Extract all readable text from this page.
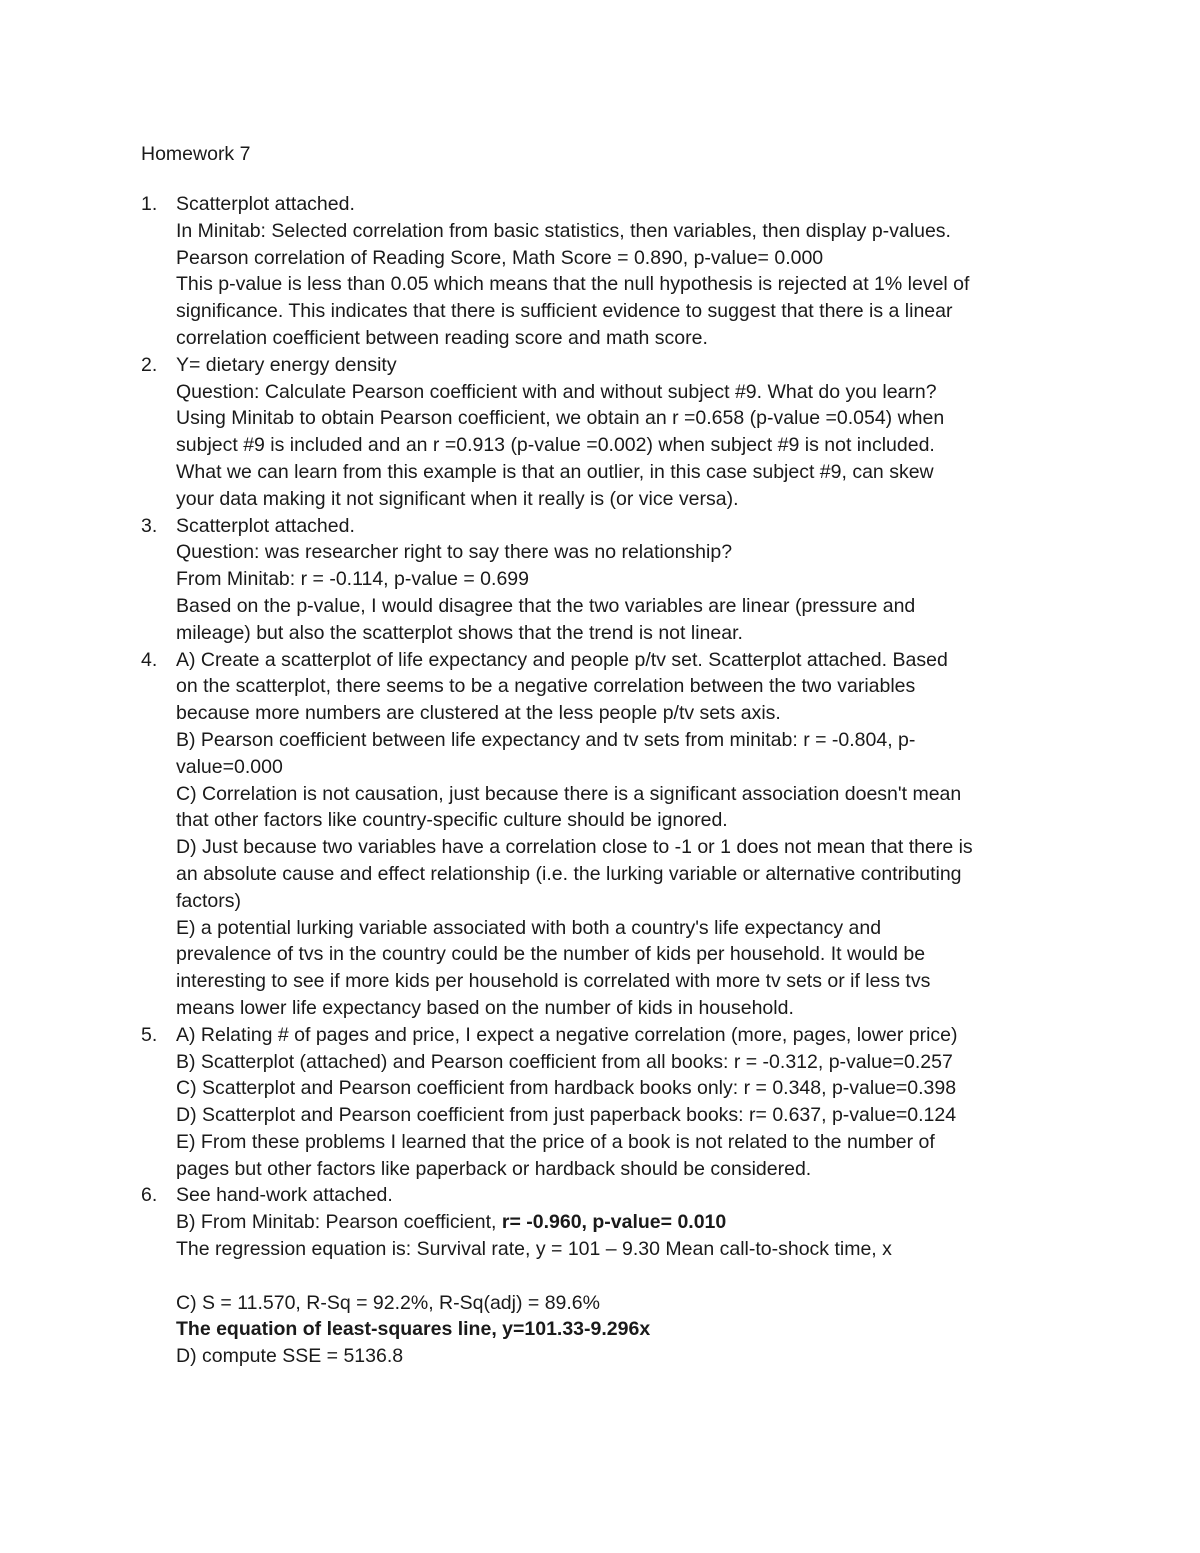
Homework 7
1. Scatterplot attached.
In Minitab: Selected correlation from basic statistics, then variables, then display p-values.
Pearson correlation of Reading Score, Math Score = 0.890, p-value= 0.000
This p-value is less than 0.05 which means that the null hypothesis is rejected at 1% level of
significance. This indicates that there is sufficient evidence to suggest that there is a linear
correlation coefficient between reading score and math score.
2. Y= dietary energy density
Question: Calculate Pearson coefficient with and without subject #9. What do you learn?
Using Minitab to obtain Pearson coefficient, we obtain an r =0.658 (p-value =0.054) when
subject #9 is included and an r =0.913 (p-value =0.002) when subject #9 is not included.
What we can learn from this example is that an outlier, in this case subject #9, can skew
your data making it not significant when it really is (or vice versa).
3. Scatterplot attached.
Question: was researcher right to say there was no relationship?
From Minitab: r = -0.114, p-value = 0.699
Based on the p-value, I would disagree that the two variables are linear (pressure and
mileage) but also the scatterplot shows that the trend is not linear.
4. A) Create a scatterplot of life expectancy and people p/tv set. Scatterplot attached. Based
on the scatterplot, there seems to be a negative correlation between the two variables
because more numbers are clustered at the less people p/tv sets axis.
B) Pearson coefficient between life expectancy and tv sets from minitab: r = -0.804, p-
value=0.000
C) Correlation is not causation, just because there is a significant association doesn't mean
that other factors like country-specific culture should be ignored.
D) Just because two variables have a correlation close to -1 or 1 does not mean that there is
an absolute cause and effect relationship (i.e. the lurking variable or alternative contributing
factors)
E) a potential lurking variable associated with both a country's life expectancy and
prevalence of tvs in the country could be the number of kids per household. It would be
interesting to see if more kids per household is correlated with more tv sets or if less tvs
means lower life expectancy based on the number of kids in household.
5. A) Relating # of pages and price, I expect a negative correlation (more, pages, lower price)
B) Scatterplot (attached) and Pearson coefficient from all books: r = -0.312, p-value=0.257
C) Scatterplot and Pearson coefficient from hardback books only: r = 0.348, p-value=0.398
D) Scatterplot and Pearson coefficient from just paperback books: r= 0.637, p-value=0.124
E) From these problems I learned that the price of a book is not related to the number of
pages but other factors like paperback or hardback should be considered.
6. See hand-work attached.
B) From Minitab: Pearson coefficient, r= -0.960, p-value= 0.010
The regression equation is: Survival rate, y = 101 – 9.30 Mean call-to-shock time, x
C) S = 11.570, R-Sq = 92.2%, R-Sq(adj) = 89.6%
The equation of least-squares line, y=101.33-9.296x
D) compute SSE = 5136.8
